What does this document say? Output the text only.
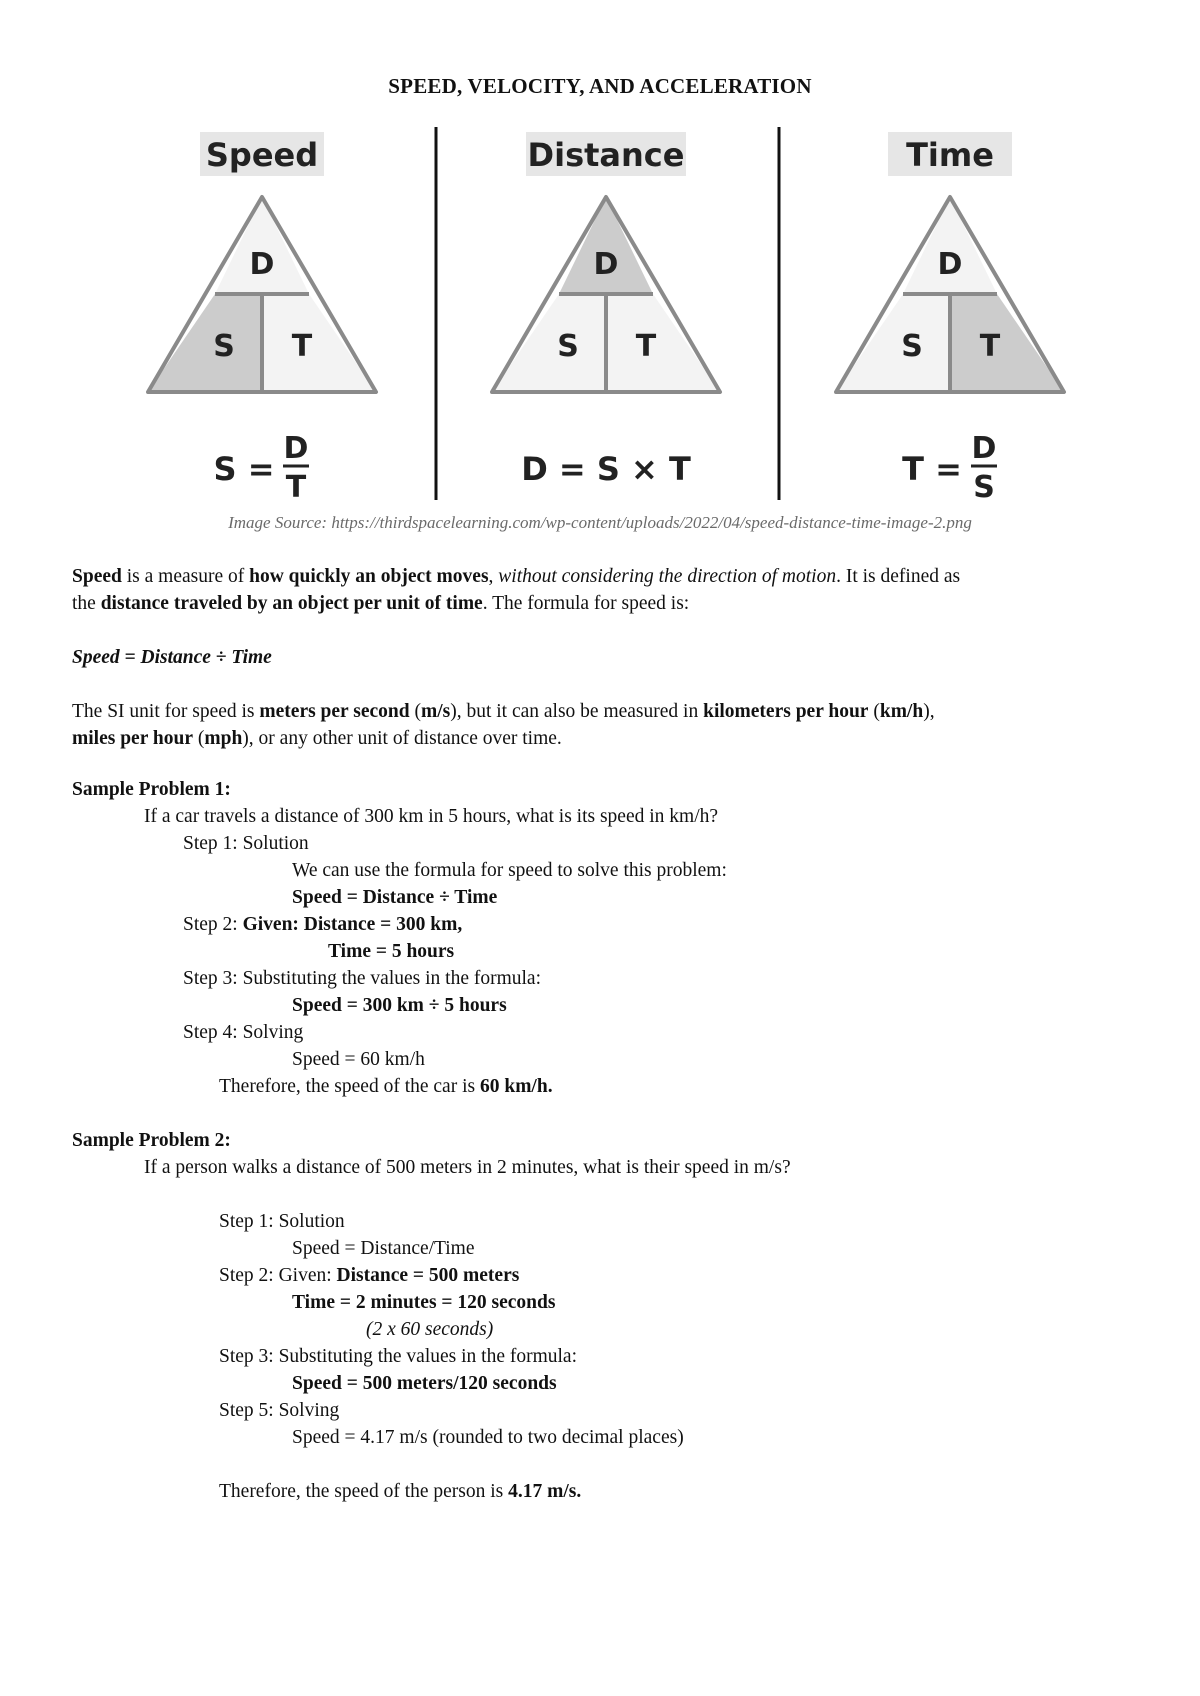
SPEED, VELOCITY, AND ACCELERATION
Speed
D
S T
S =
D
T
Distance
D
S T
D = S × T
Time
D
S T
T =
D
S
Image Source: https://thirdspacelearning.com/wp-content/uploads/2022/04/speed-distance-time-image-2.png
Speed is a measure of how quickly an object moves, without considering the direction of motion. It is defined as
the distance traveled by an object per unit of time. The formula for speed is:
Speed = Distance ÷ Time
The SI unit for speed is meters per second (m/s), but it can also be measured in kilometers per hour (km/h),
miles per hour (mph), or any other unit of distance over time.
Sample Problem 1:
If a car travels a distance of 300 km in 5 hours, what is its speed in km/h?
Step 1: Solution
We can use the formula for speed to solve this problem:
Speed = Distance ÷ Time
Step 2: Given: Distance = 300 km,
Time = 5 hours
Step 3: Substituting the values in the formula:
Speed = 300 km ÷ 5 hours
Step 4: Solving
Speed = 60 km/h
Therefore, the speed of the car is 60 km/h.
Sample Problem 2:
If a person walks a distance of 500 meters in 2 minutes, what is their speed in m/s?
Step 1: Solution
Speed = Distance/Time
Step 2: Given: Distance = 500 meters
Time = 2 minutes = 120 seconds
(2 x 60 seconds)
Step 3: Substituting the values in the formula:
Speed = 500 meters/120 seconds
Step 5: Solving
Speed = 4.17 m/s (rounded to two decimal places)
Therefore, the speed of the person is 4.17 m/s.
